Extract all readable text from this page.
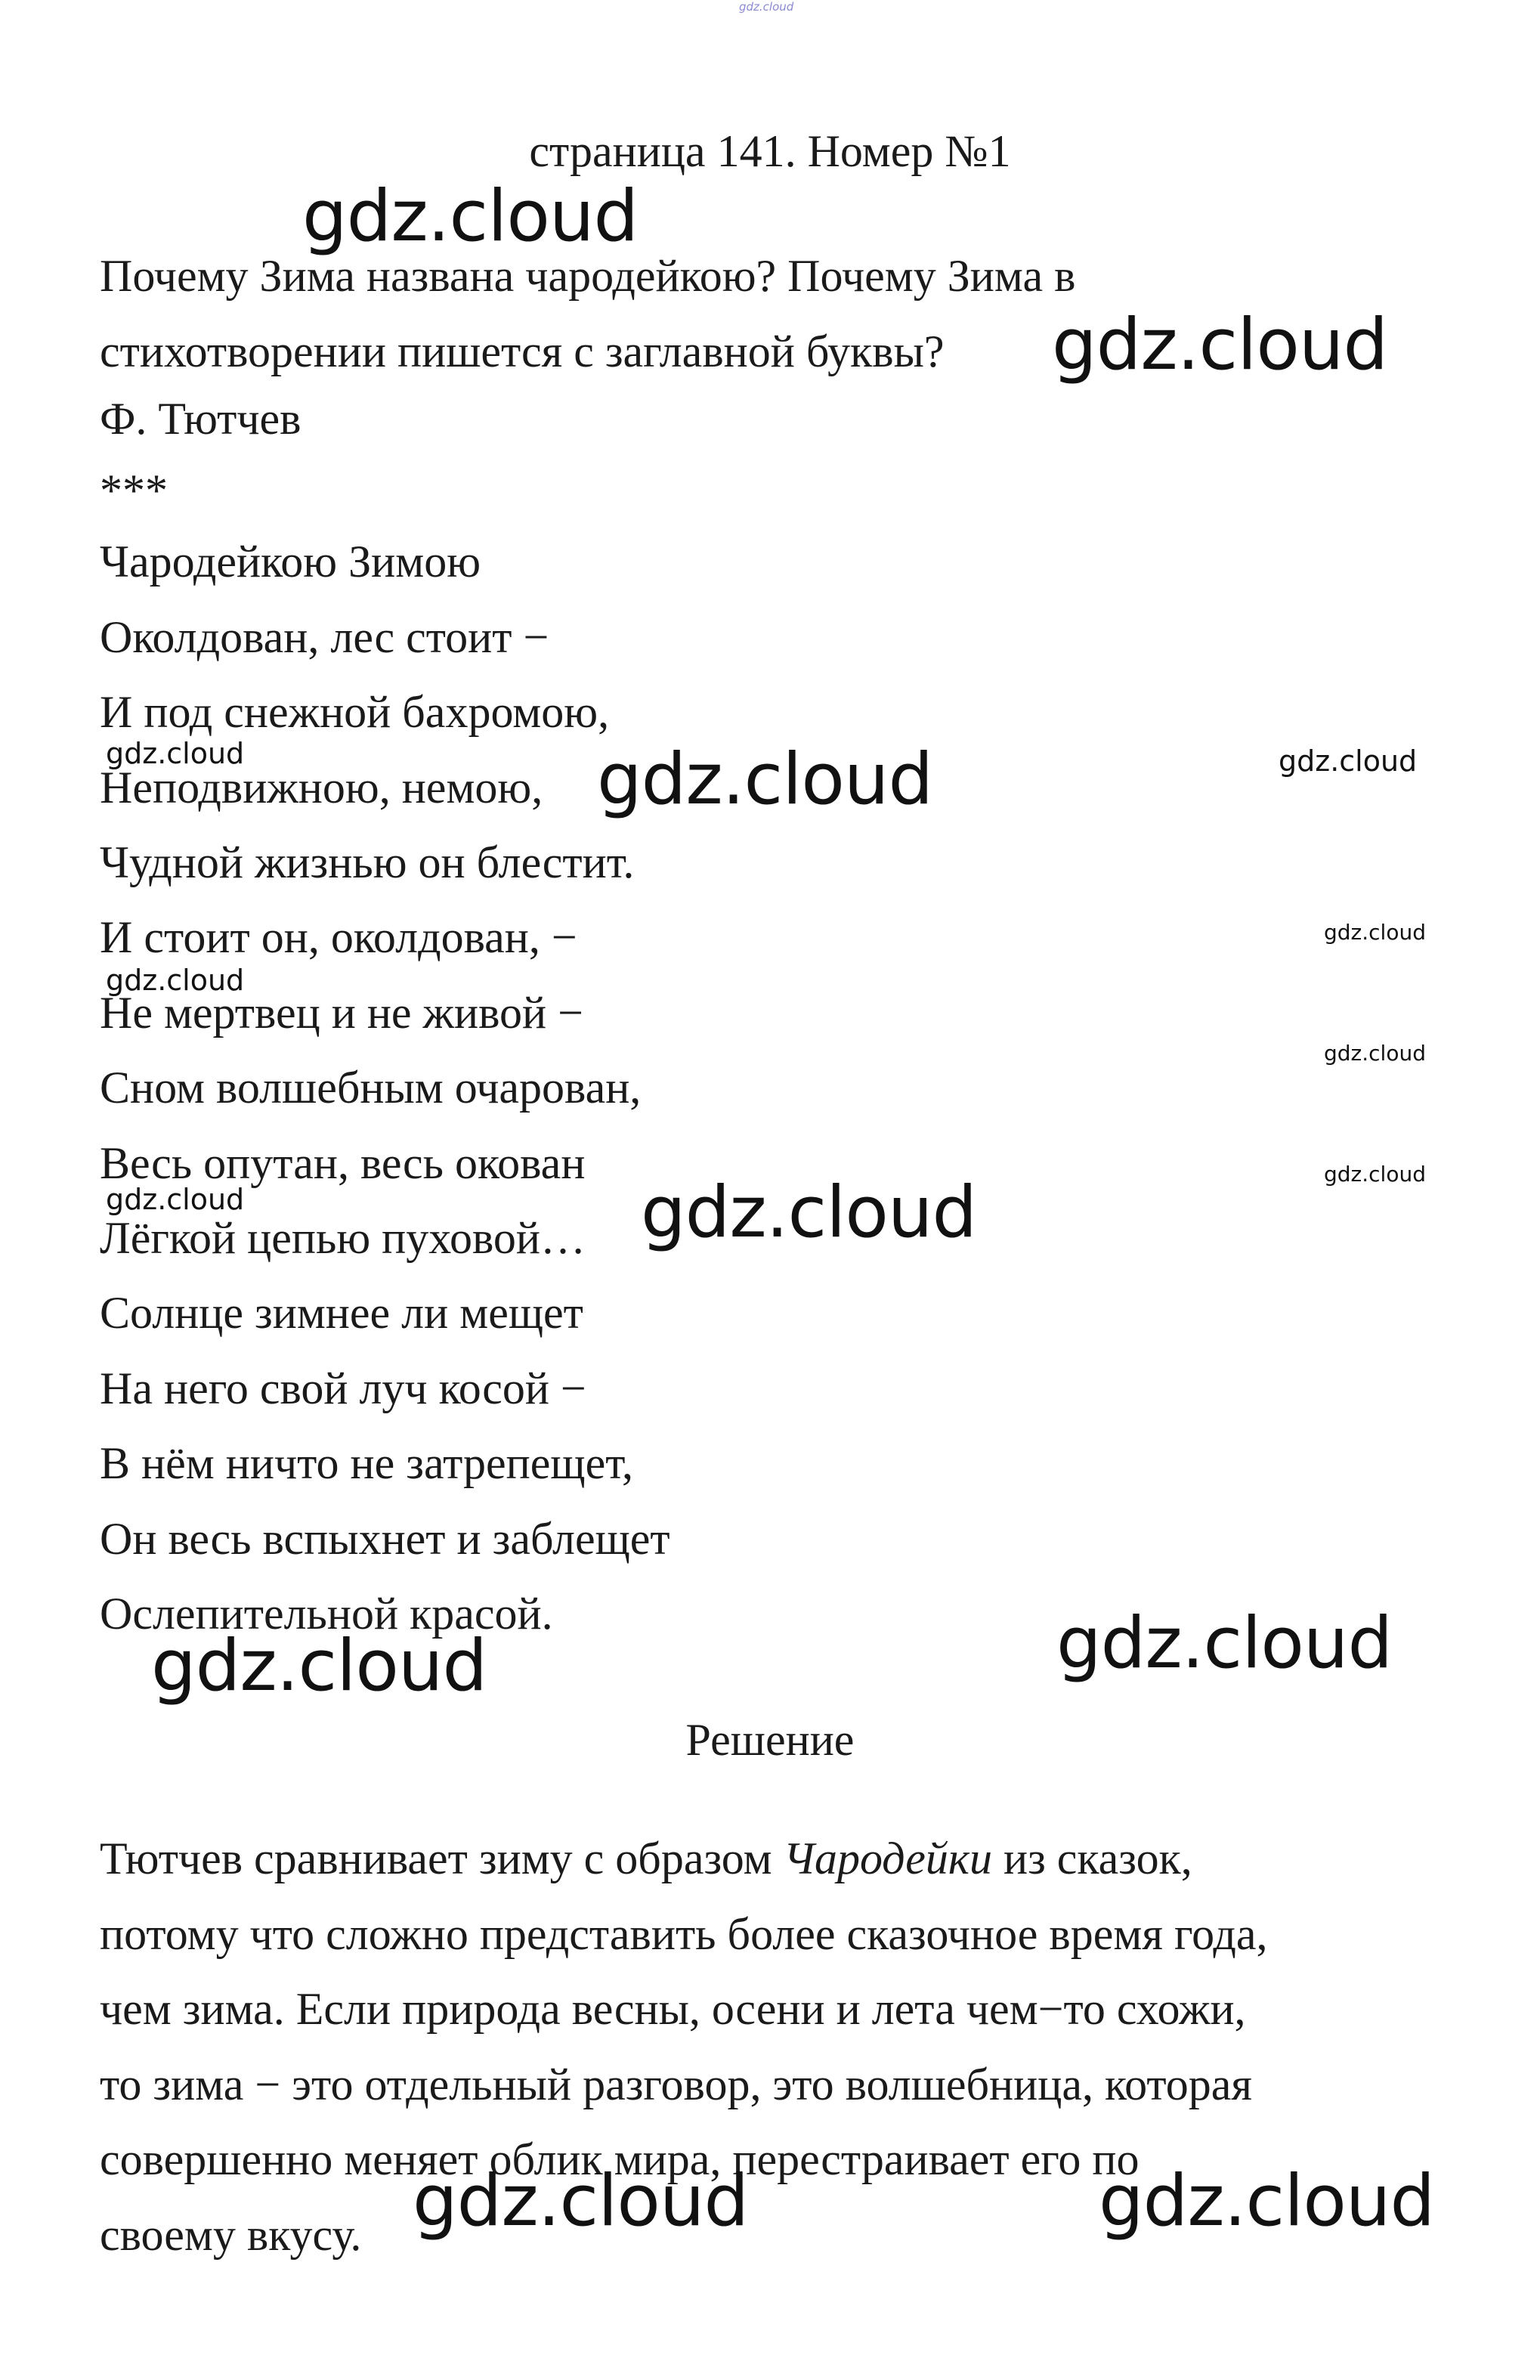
gdz.cloud
страница 141. Номер №1
Почему Зима названа чародейкою? Почему Зима в
стихотворении пишется с заглавной буквы?
Ф. Тютчев
***
Чародейкою Зимою
Околдован, лес стоит −
И под снежной бахромою,
Неподвижною, немою,
Чудной жизнью он блестит.
И стоит он, околдован, −
Не мертвец и не живой −
Сном волшебным очарован,
Весь опутан, весь окован
Лёгкой цепью пуховой…
Солнце зимнее ли мещет
На него свой луч косой −
В нём ничто не затрепещет,
Он весь вспыхнет и заблещет
Ослепительной красой.
Решение
Тютчев сравнивает зиму с образом Чародейки из сказок,
потому что сложно представить более сказочное время года,
чем зима. Если природа весны, осени и лета чем−то схожи,
то зима − это отдельный разговор, это волшебница, которая
совершенно меняет облик мира, перестраивает его по
своему вкусу.
gdz.cloud
gdz.cloud
gdz.cloud	gdz.cloud	gdz.cloud
gdz.cloud
gdz.cloud
gdz.cloud
gdz.cloud
gdz.cloud	gdz.cloud
gdz.cloud
gdz.cloud
gdz.cloud	gdz.cloud
